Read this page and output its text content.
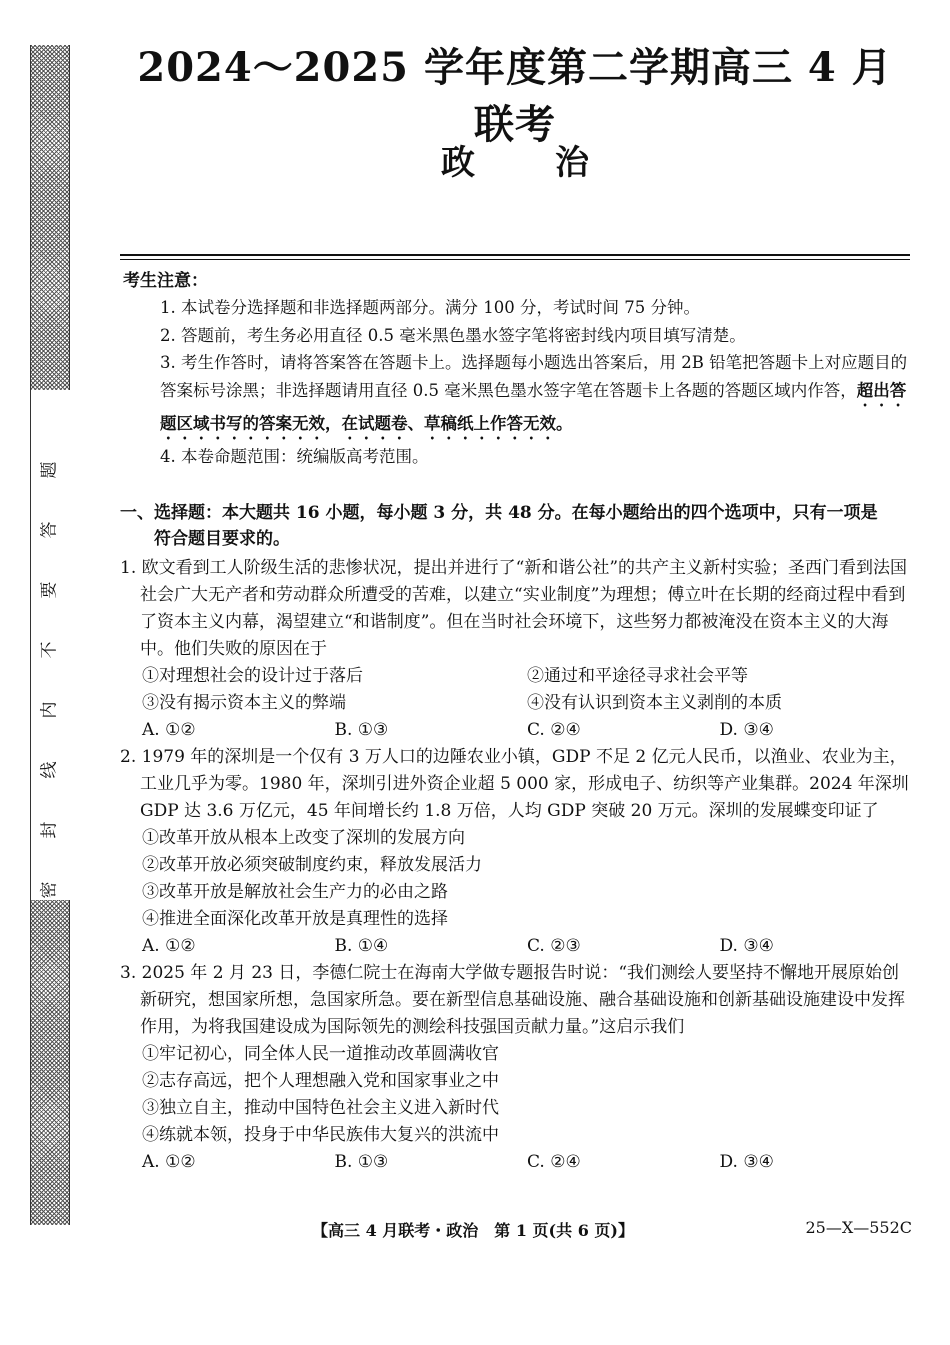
题
答
要
不
内
线
封
密
2024～2025 学年度第二学期高三 4 月联考
政治
考生注意：

1. 本试卷分选择题和非选择题两部分。满分 100 分，考试时间 75 分钟。

2. 答题前，考生务必用直径 0.5 毫米黑色墨水签字笔将密封线内项目填写清楚。

3. 考生作答时，请将答案答在答题卡上。选择题每小题选出答案后，用 2B 铅笔把答题卡上对应题目的答案标号涂黑；非选择题请用直径 0.5 毫米黑色墨水签字笔在答题卡上各题的答题区域内作答，超出答题区域书写的答案无效，在试题卷、草稿纸上作答无效。

4. 本卷命题范围：统编版高考范围。

一、选择题：本大题共 16 小题，每小题 3 分，共 48 分。在每小题给出的四个选项中，只有一项是
符合题目要求的。
1. 欧文看到工人阶级生活的悲惨状况，提出并进行了“新和谐公社”的共产主义新村实验；圣西门看到法国社会广大无产者和劳动群众所遭受的苦难，以建立“实业制度”为理想；傅立叶在长期的经商过程中看到了资本主义内幕，渴望建立“和谐制度”。但在当时社会环境下，这些努力都被淹没在资本主义的大海中。他们失败的原因在于
①对理想社会的设计过于落后	②通过和平途径寻求社会平等
③没有揭示资本主义的弊端	④没有认识到资本主义剥削的本质
A. ①②	B. ①③	C. ②④	D. ③④
2. 1979 年的深圳是一个仅有 3 万人口的边陲农业小镇，GDP 不足 2 亿元人民币，以渔业、农业为主，工业几乎为零。1980 年，深圳引进外资企业超 5 000 家，形成电子、纺织等产业集群。2024 年深圳 GDP 达 3.6 万亿元，45 年间增长约 1.8 万倍，人均 GDP 突破 20 万元。深圳的发展蝶变印证了
①改革开放从根本上改变了深圳的发展方向
②改革开放必须突破制度约束，释放发展活力
③改革开放是解放社会生产力的必由之路
④推进全面深化改革开放是真理性的选择
A. ①②	B. ①④	C. ②③	D. ③④
3. 2025 年 2 月 23 日，李德仁院士在海南大学做专题报告时说：“我们测绘人要坚持不懈地开展原始创新研究，想国家所想，急国家所急。要在新型信息基础设施、融合基础设施和创新基础设施建设中发挥作用，为将我国建设成为国际领先的测绘科技强国贡献力量。”这启示我们
①牢记初心，同全体人民一道推动改革圆满收官
②志存高远，把个人理想融入党和国家事业之中
③独立自主，推动中国特色社会主义进入新时代
④练就本领，投身于中华民族伟大复兴的洪流中
A. ①②	B. ①③	C. ②④	D. ③④
【高三 4 月联考・政治　第 1 页(共 6 页)】	25—X—552C
